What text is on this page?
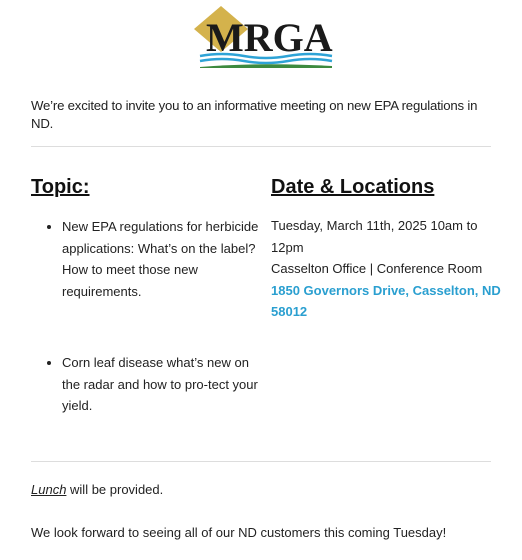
MRGA
We’re excited to invite you to an informative meeting on new EPA regulations in ND.
Topic:	Date & Locations
• New EPA regulations for herbicide applications: What’s on the label? How to meet those new requirements.
• Corn leaf disease what’s new on the radar and how to pro-tect your yield.
Tuesday, March 11th, 2025 10am to 12pm
Casselton Office | Conference Room
1850 Governors Drive, Casselton, ND 58012
Lunch will be provided.
We look forward to seeing all of our ND customers this coming Tuesday!
